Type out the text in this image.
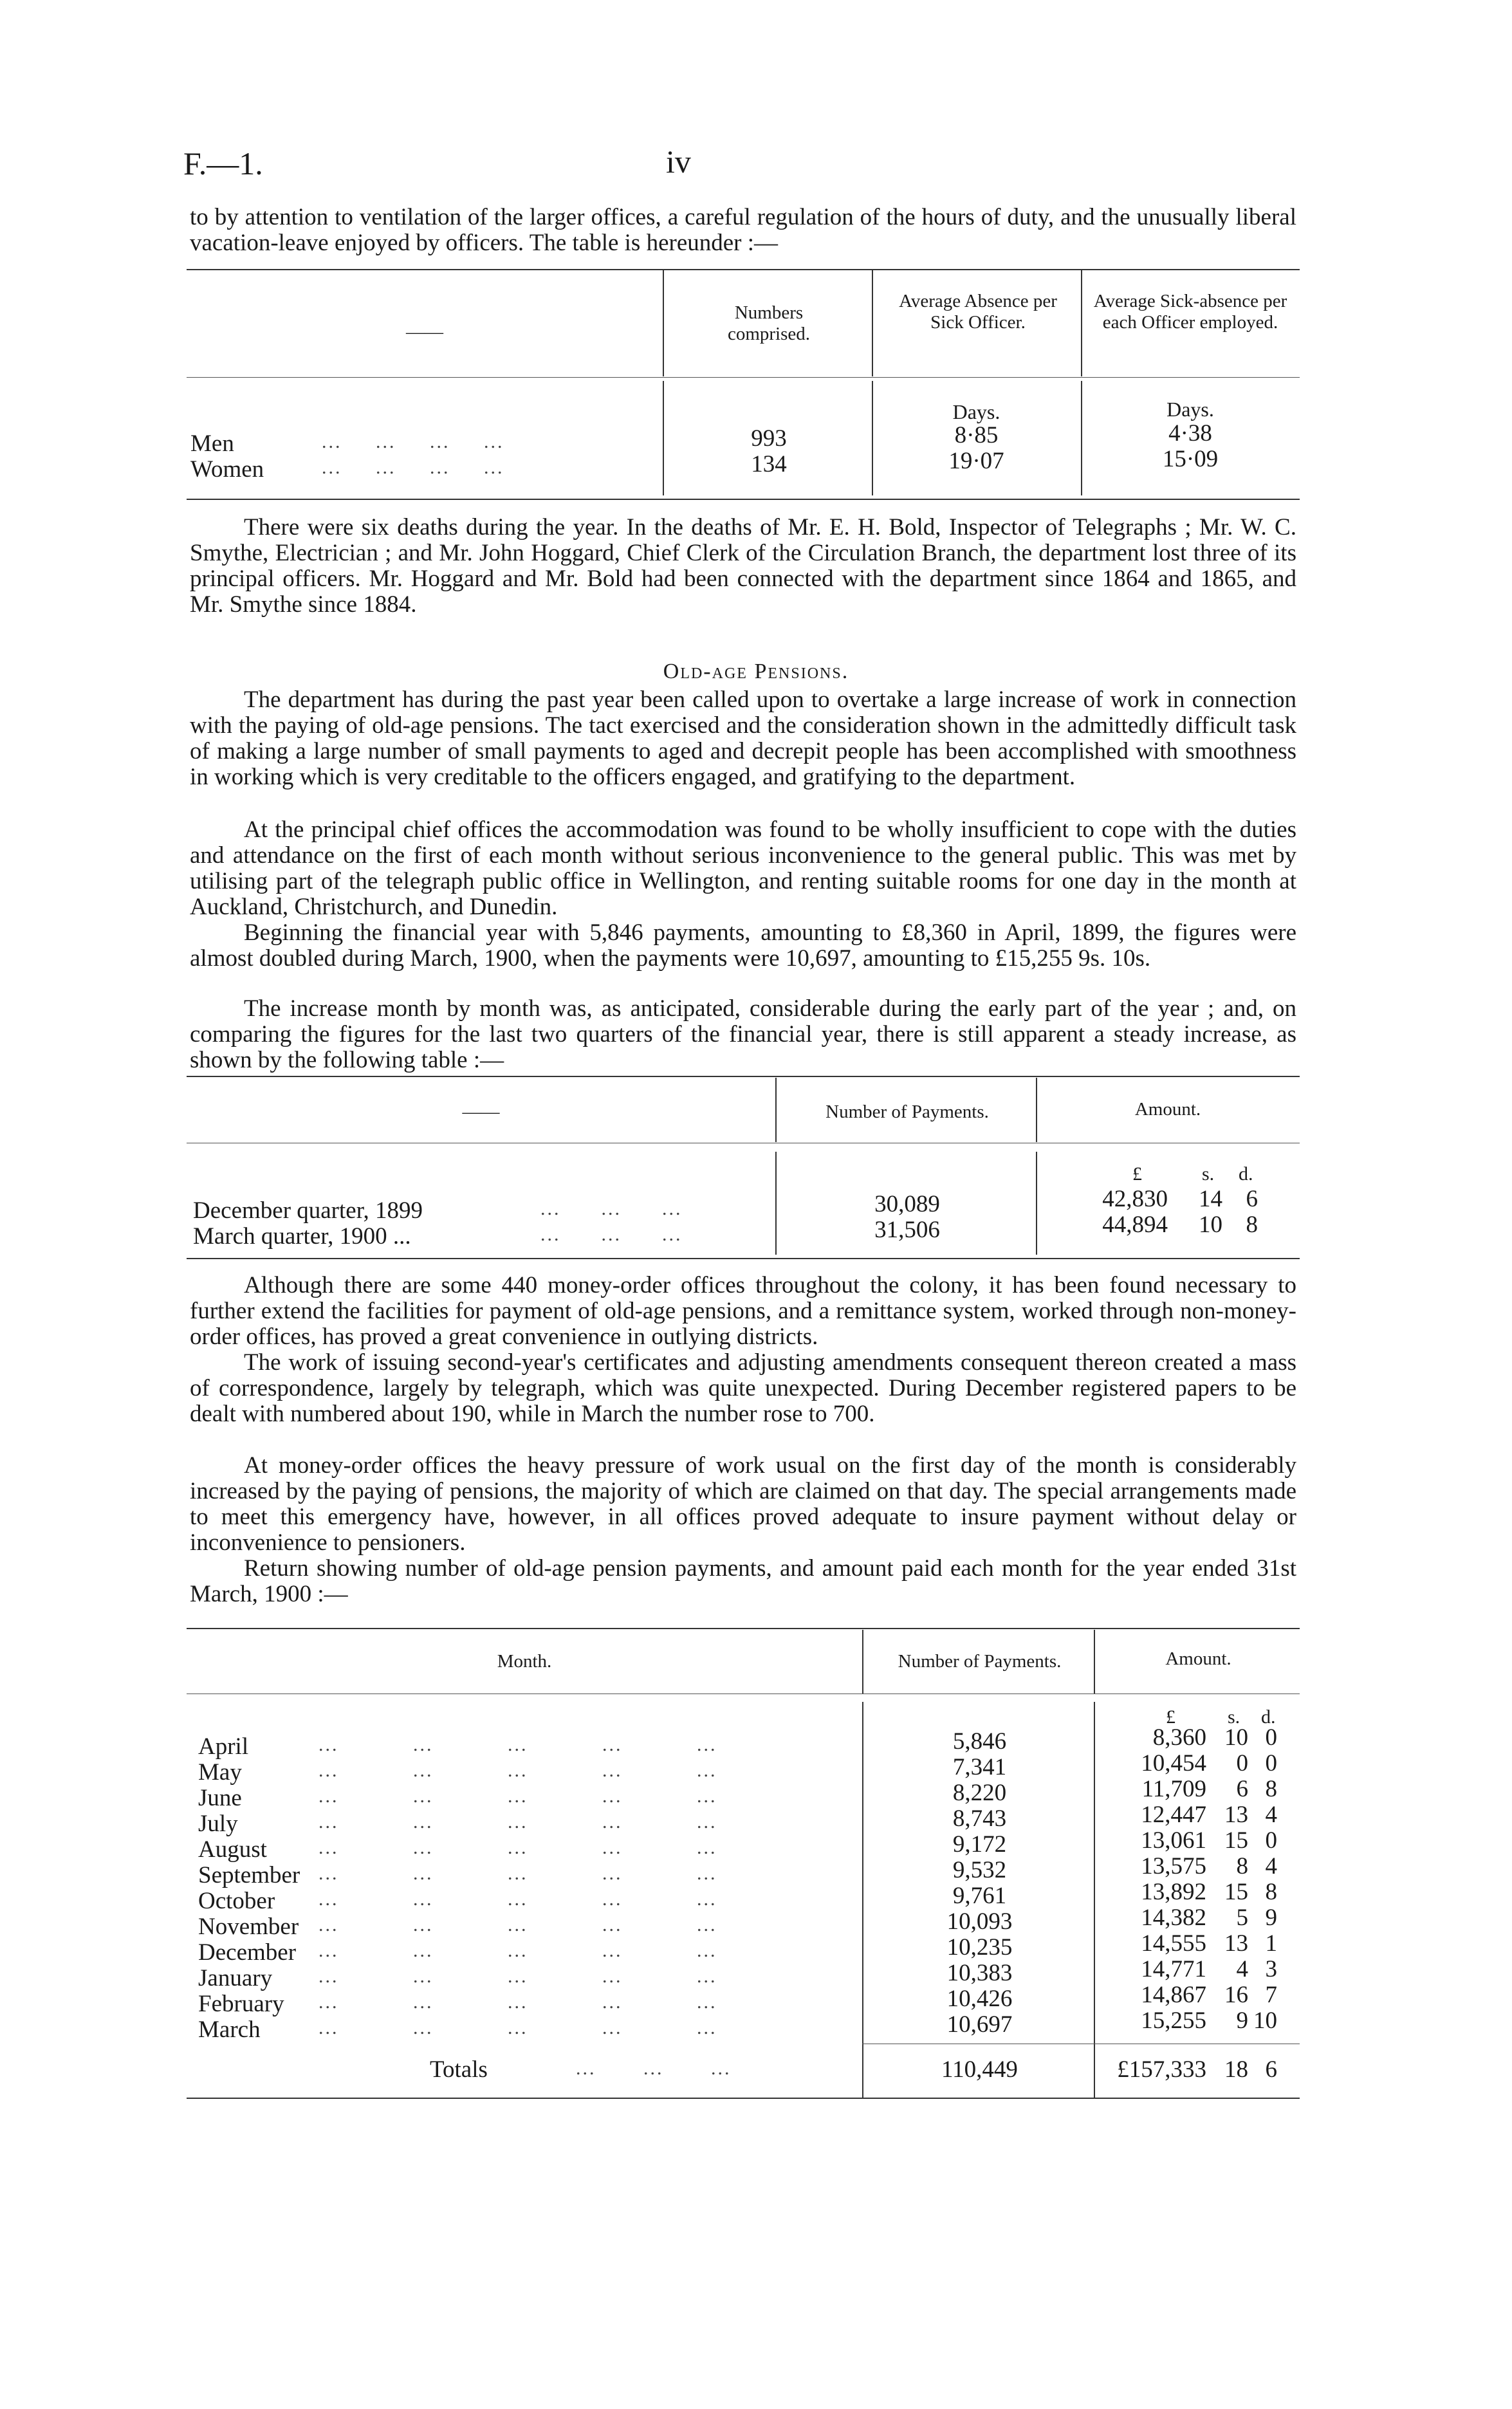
F.—1.	iv
to by attention to ventilation of the larger offices, a careful regulation of the hours of duty, and the unusually liberal vacation-leave enjoyed by officers. The table is hereunder :—
——
Numbers comprised.
Average Absence per Sick Officer.
Average Sick-absence per each Officer employed.
Days.	Days.
Men	...     ...     ...     ...	993	8·85	4·38
Women	...     ...     ...     ...	134	19·07	15·09
There were six deaths during the year. In the deaths of Mr. E. H. Bold, Inspector of Telegraphs ; Mr. W. C. Smythe, Electrician ; and Mr. John Hoggard, Chief Clerk of the Circulation Branch, the department lost three of its principal officers. Mr. Hoggard and Mr. Bold had been connected with the department since 1864 and 1865, and Mr. Smythe since 1884.
Old-age Pensions.
The department has during the past year been called upon to overtake a large increase of work in connection with the paying of old-age pensions. The tact exercised and the consideration shown in the admittedly difficult task of making a large number of small payments to aged and decrepit people has been accomplished with smoothness in working which is very creditable to the officers engaged, and gratifying to the department.
At the principal chief offices the accommodation was found to be wholly insufficient to cope with the duties and attendance on the first of each month without serious inconvenience to the general public. This was met by utilising part of the telegraph public office in Wellington, and renting suitable rooms for one day in the month at Auckland, Christchurch, and Dunedin.
Beginning the financial year with 5,846 payments, amounting to £8,360 in April, 1899, the figures were almost doubled during March, 1900, when the payments were 10,697, amounting to £15,255 9s. 10s.
The increase month by month was, as anticipated, considerable during the early part of the year ; and, on comparing the figures for the last two quarters of the financial year, there is still apparent a steady increase, as shown by the following table :—
——	Number of Payments.	Amount.
£	s. d.
December quarter, 1899	...      ...      ...	30,089	42,830	14 6
March quarter, 1900 ...	...      ...      ...	31,506	44,894	10 8
Although there are some 440 money-order offices throughout the colony, it has been found necessary to further extend the facilities for payment of old-age pensions, and a remittance system, worked through non-money-order offices, has proved a great convenience in outlying districts.
The work of issuing second-year's certificates and adjusting amendments consequent thereon created a mass of correspondence, largely by telegraph, which was quite unexpected. During December registered papers to be dealt with numbered about 190, while in March the number rose to 700.
At money-order offices the heavy pressure of work usual on the first day of the month is considerably increased by the paying of pensions, the majority of which are claimed on that day. The special arrangements made to meet this emergency have, however, in all offices proved adequate to insure payment without delay or inconvenience to pensioners.
Return showing number of old-age pension payments, and amount paid each month for the year ended 31st March, 1900 :—
Month.	Number of Payments.	Amount.
£	s. d.
April	...           ...           ...           ...           ...	5,846	8,360 10 0
May	...           ...           ...           ...           ...	7,341	10,454	0 0
June	...           ...           ...           ...           ...	8,220	11,709	6 8
July	...           ...           ...           ...           ...	8,743	12,447 13 4
August	...           ...           ...           ...           ...	9,172	13,061 15 0
September ...           ...           ...           ...           ...	9,532	13,575	8 4
October ...           ...           ...           ...           ...	9,761	13,892 15 8
November ...           ...           ...           ...           ...	10,093	14,382	5 9
December ...           ...           ...           ...           ...	10,235	14,555 13 1
January ...           ...           ...           ...           ...	10,383	14,771	4 3
February ...           ...           ...           ...           ...	10,426	14,867 16 7
March	...           ...           ...           ...           ...	10,697	15,255	9 10
Totals	...       ...       ...	110,449	£157,333 18 6
